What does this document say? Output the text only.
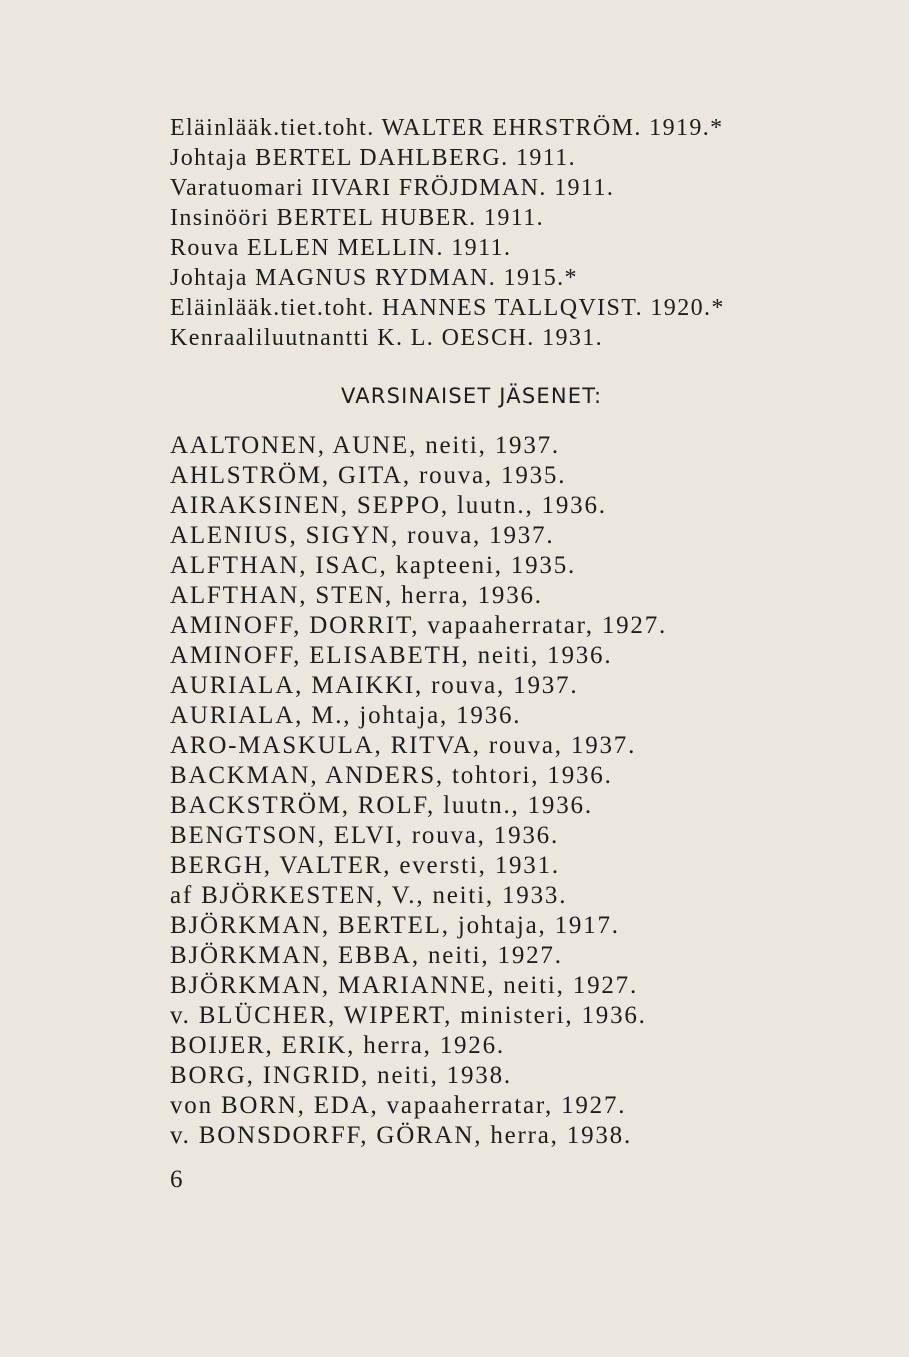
Eläinlääk.tiet.toht. WALTER EHRSTRÖM. 1919.*
Johtaja BERTEL DAHLBERG. 1911.
Varatuomari IIVARI FRÖJDMAN. 1911.
Insinööri BERTEL HUBER. 1911.
Rouva ELLEN MELLIN. 1911.
Johtaja MAGNUS RYDMAN. 1915.*
Eläinlääk.tiet.toht. HANNES TALLQVIST. 1920.*
Kenraaliluutnantti K. L. OESCH. 1931.
VARSINAISET JÄSENET:
AALTONEN, AUNE, neiti, 1937.
AHLSTRÖM, GITA, rouva, 1935.
AIRAKSINEN, SEPPO, luutn., 1936.
ALENIUS, SIGYN, rouva, 1937.
ALFTHAN, ISAC, kapteeni, 1935.
ALFTHAN, STEN, herra, 1936.
AMINOFF, DORRIT, vapaaherratar, 1927.
AMINOFF, ELISABETH, neiti, 1936.
AURIALA, MAIKKI, rouva, 1937.
AURIALA, M., johtaja, 1936.
ARO-MASKULA, RITVA, rouva, 1937.
BACKMAN, ANDERS, tohtori, 1936.
BACKSTRÖM, ROLF, luutn., 1936.
BENGTSON, ELVI, rouva, 1936.
BERGH, VALTER, eversti, 1931.
af BJÖRKESTEN, V., neiti, 1933.
BJÖRKMAN, BERTEL, johtaja, 1917.
BJÖRKMAN, EBBA, neiti, 1927.
BJÖRKMAN, MARIANNE, neiti, 1927.
v. BLÜCHER, WIPERT, ministeri, 1936.
BOIJER, ERIK, herra, 1926.
BORG, INGRID, neiti, 1938.
von BORN, EDA, vapaaherratar, 1927.
v. BONSDORFF, GÖRAN, herra, 1938.
6
